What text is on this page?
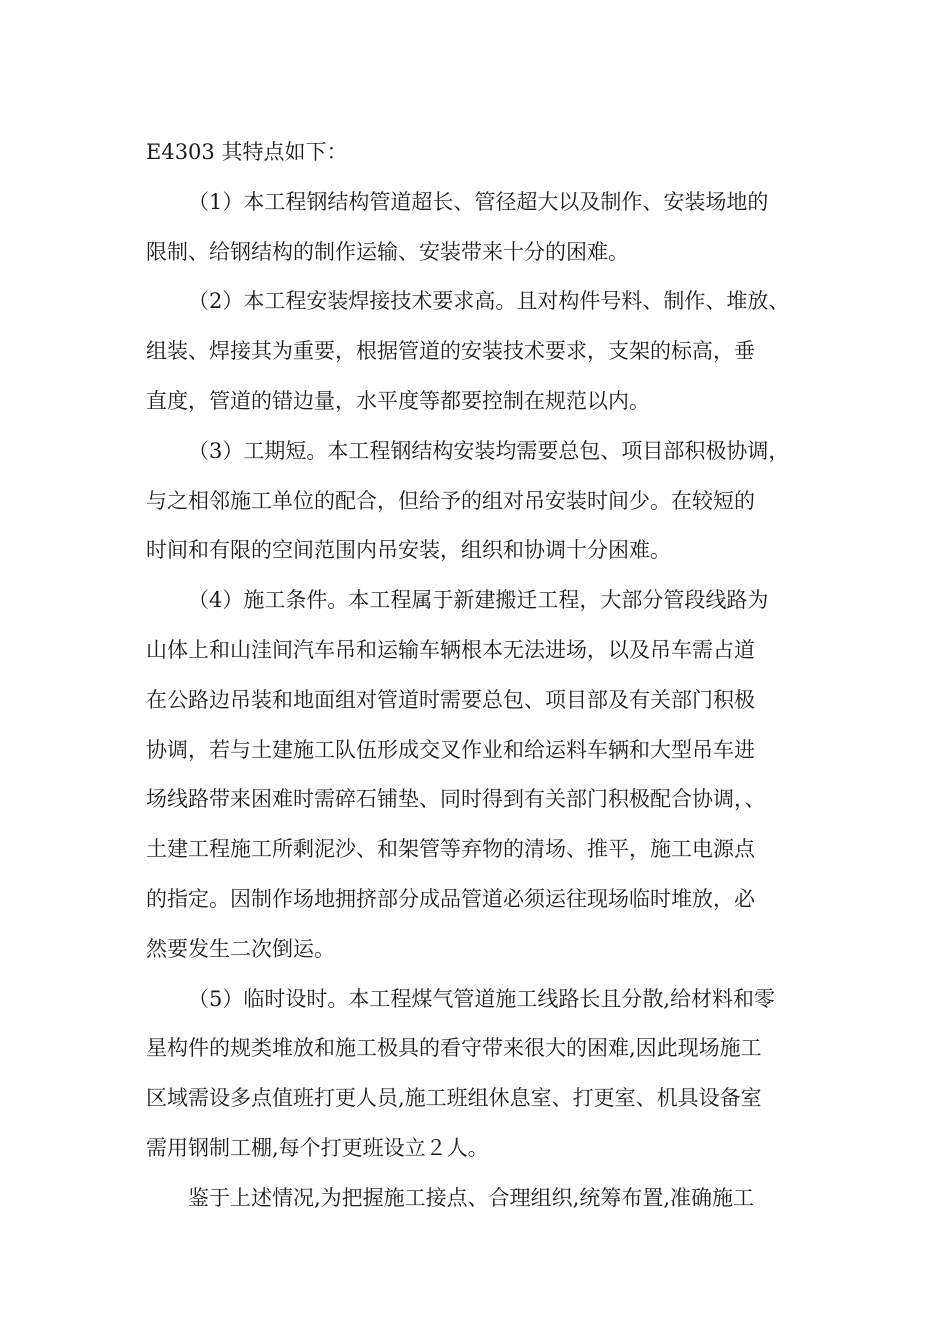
E4303 其特点如下：
（1）本工程钢结构管道超长、管径超大以及制作、安装场地的
限制、给钢结构的制作运输、安装带来十分的困难。
（2）本工程安装焊接技术要求高。且对构件号料、制作、堆放、
组装、焊接其为重要，根据管道的安装技术要求，支架的标高，垂
直度，管道的错边量，水平度等都要控制在规范以内。
（3）工期短。本工程钢结构安装均需要总包、项目部积极协调，
与之相邻施工单位的配合，但给予的组对吊安装时间少。在较短的
时间和有限的空间范围内吊安装，组织和协调十分困难。
（4）施工条件。本工程属于新建搬迁工程，大部分管段线路为
山体上和山洼间汽车吊和运输车辆根本无法进场，以及吊车需占道
在公路边吊装和地面组对管道时需要总包、项目部及有关部门积极
协调，若与土建施工队伍形成交叉作业和给运料车辆和大型吊车进
场线路带来困难时需碎石铺垫、同时得到有关部门积极配合协调，、
土建工程施工所剩泥沙、和架管等弃物的清场、推平，施工电源点
的指定。因制作场地拥挤部分成品管道必须运往现场临时堆放，必
然要发生二次倒运。
（5）临时设时。本工程煤气管道施工线路长且分散,给材料和零
星构件的规类堆放和施工极具的看守带来很大的困难,因此现场施工
区域需设多点值班打更人员,施工班组休息室、打更室、机具设备室
需用钢制工棚,每个打更班设立２人。
鉴于上述情况,为把握施工接点、合理组织,统筹布置,准确施工
